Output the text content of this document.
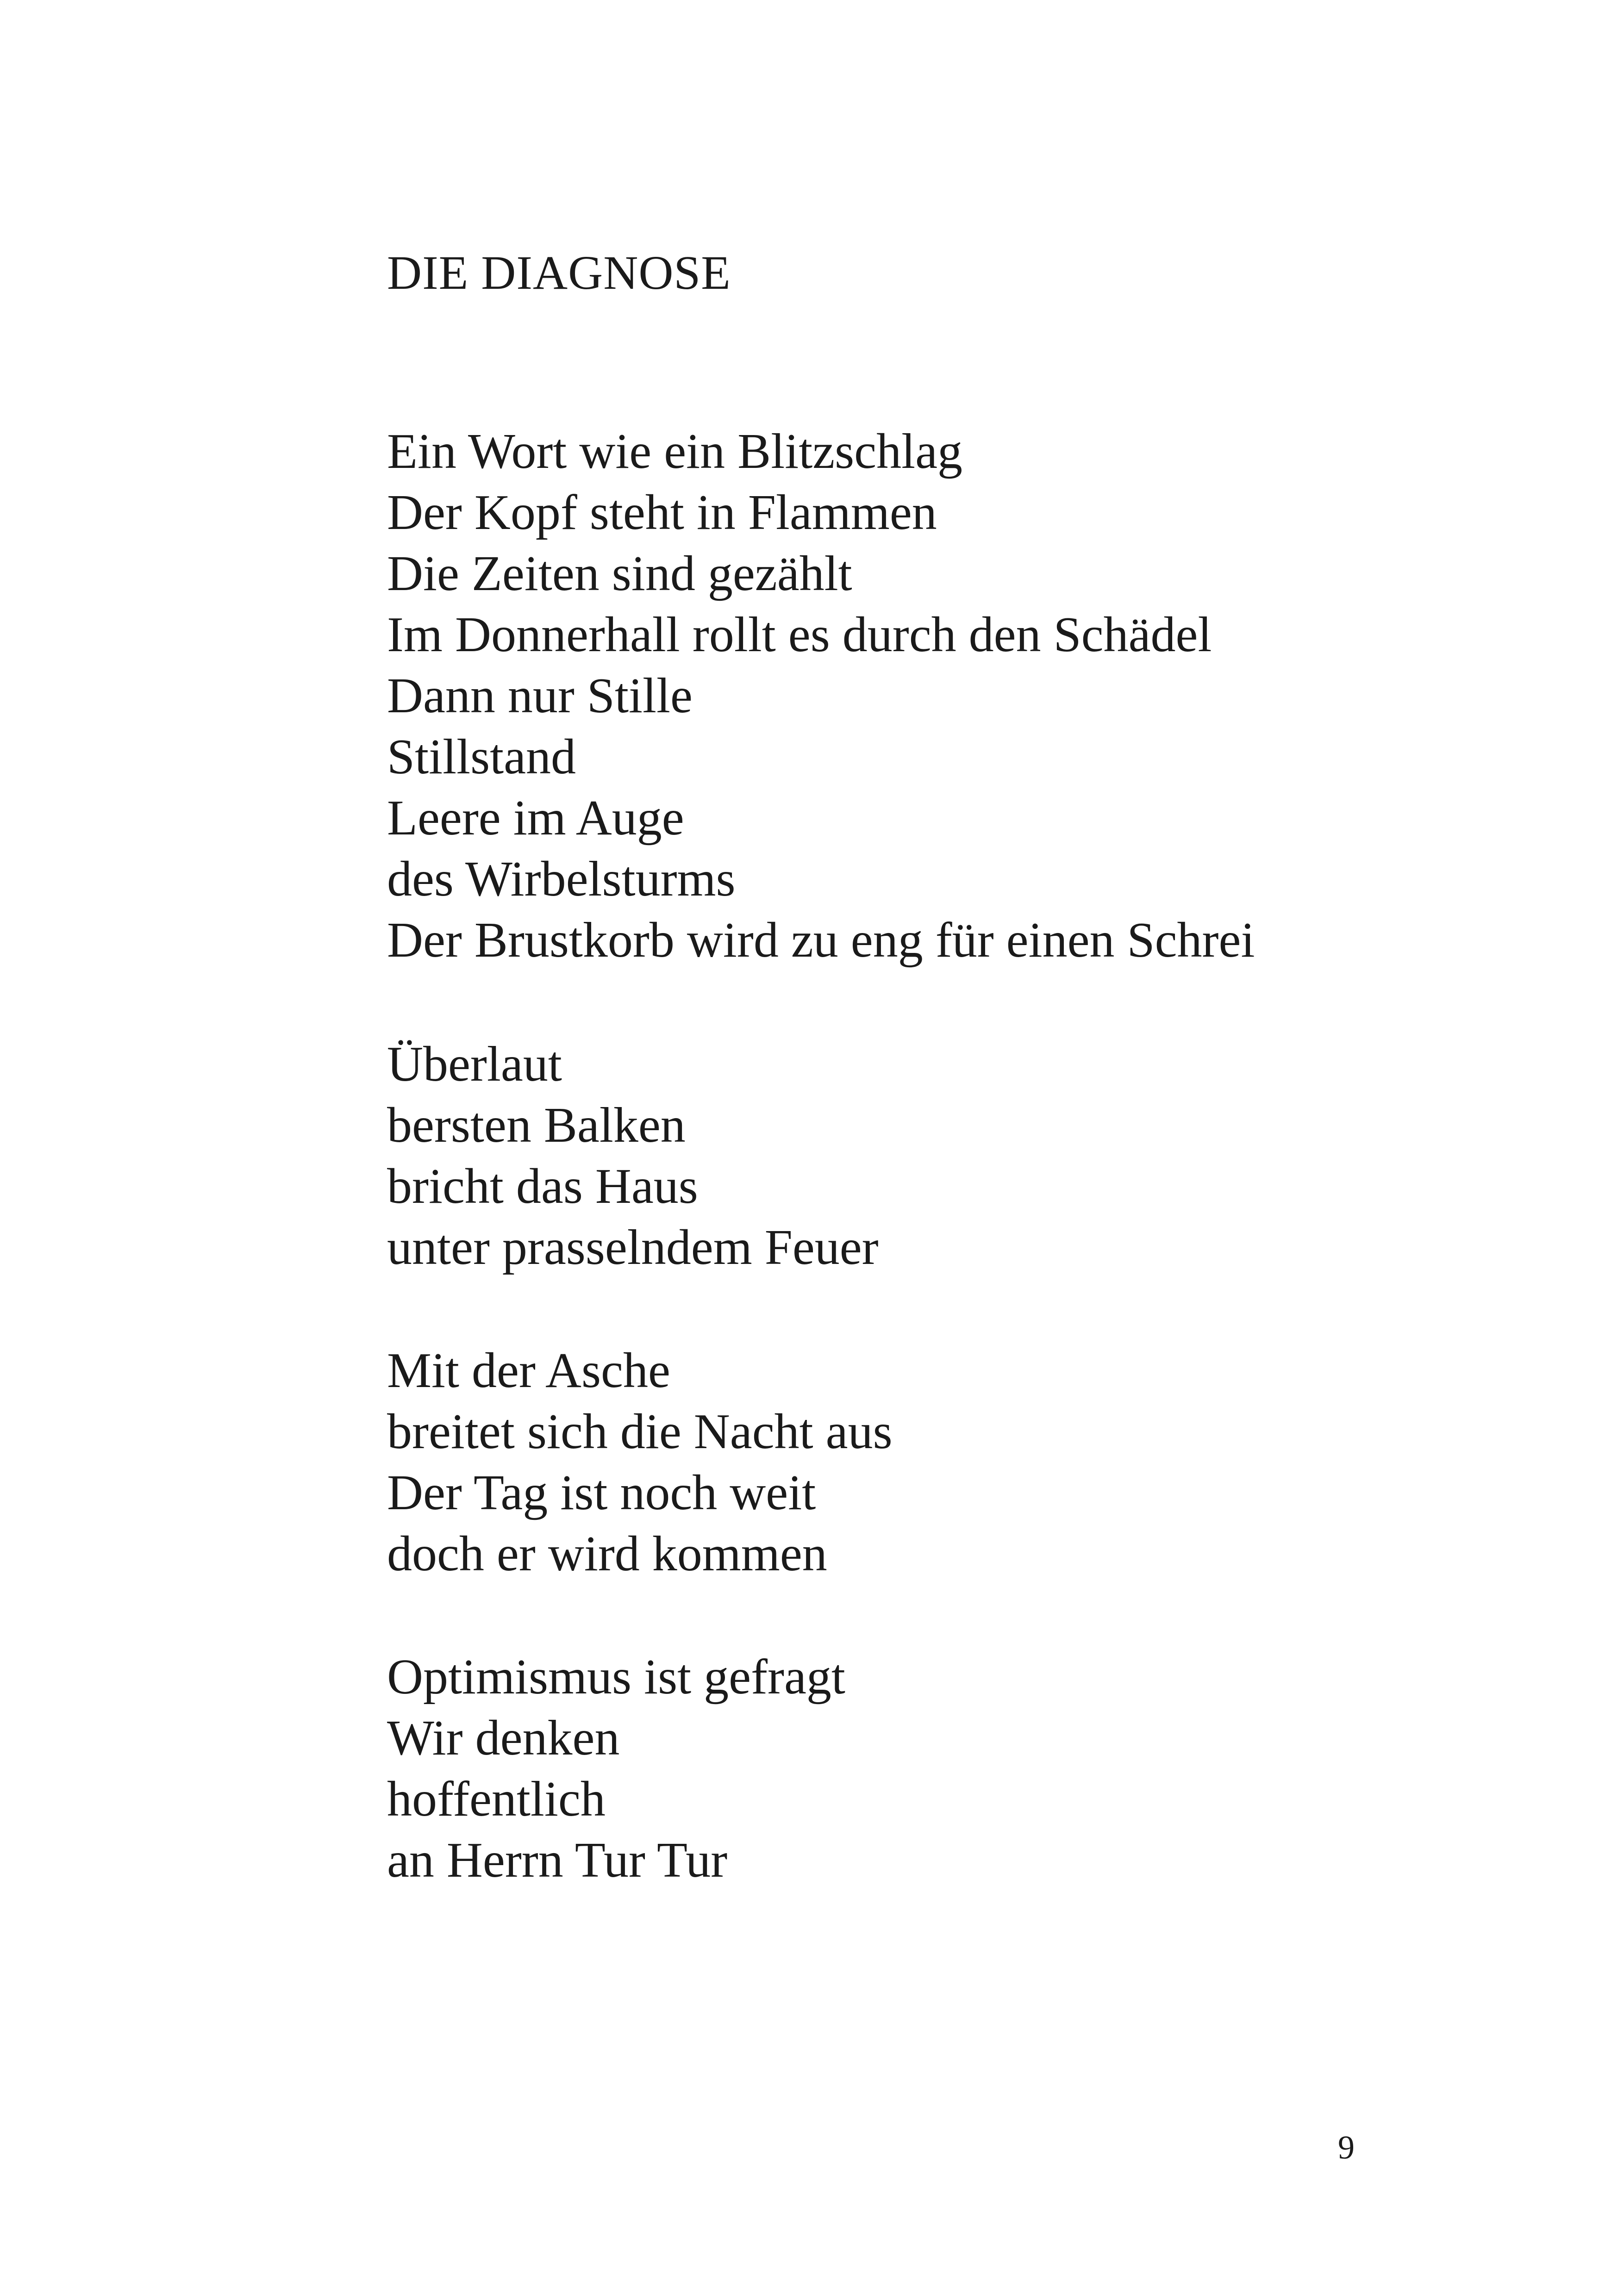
DIE DIAGNOSE
Ein Wort wie ein Blitzschlag
Der Kopf steht in Flammen
Die Zeiten sind gezählt
Im Donnerhall rollt es durch den Schädel
Dann nur Stille
Stillstand
Leere im Auge
des Wirbelsturms
Der Brustkorb wird zu eng für einen Schrei
Überlaut
bersten Balken
bricht das Haus
unter prasselndem Feuer
Mit der Asche
breitet sich die Nacht aus
Der Tag ist noch weit
doch er wird kommen
Optimismus ist gefragt
Wir denken
hoffentlich
an Herrn Tur Tur
9
